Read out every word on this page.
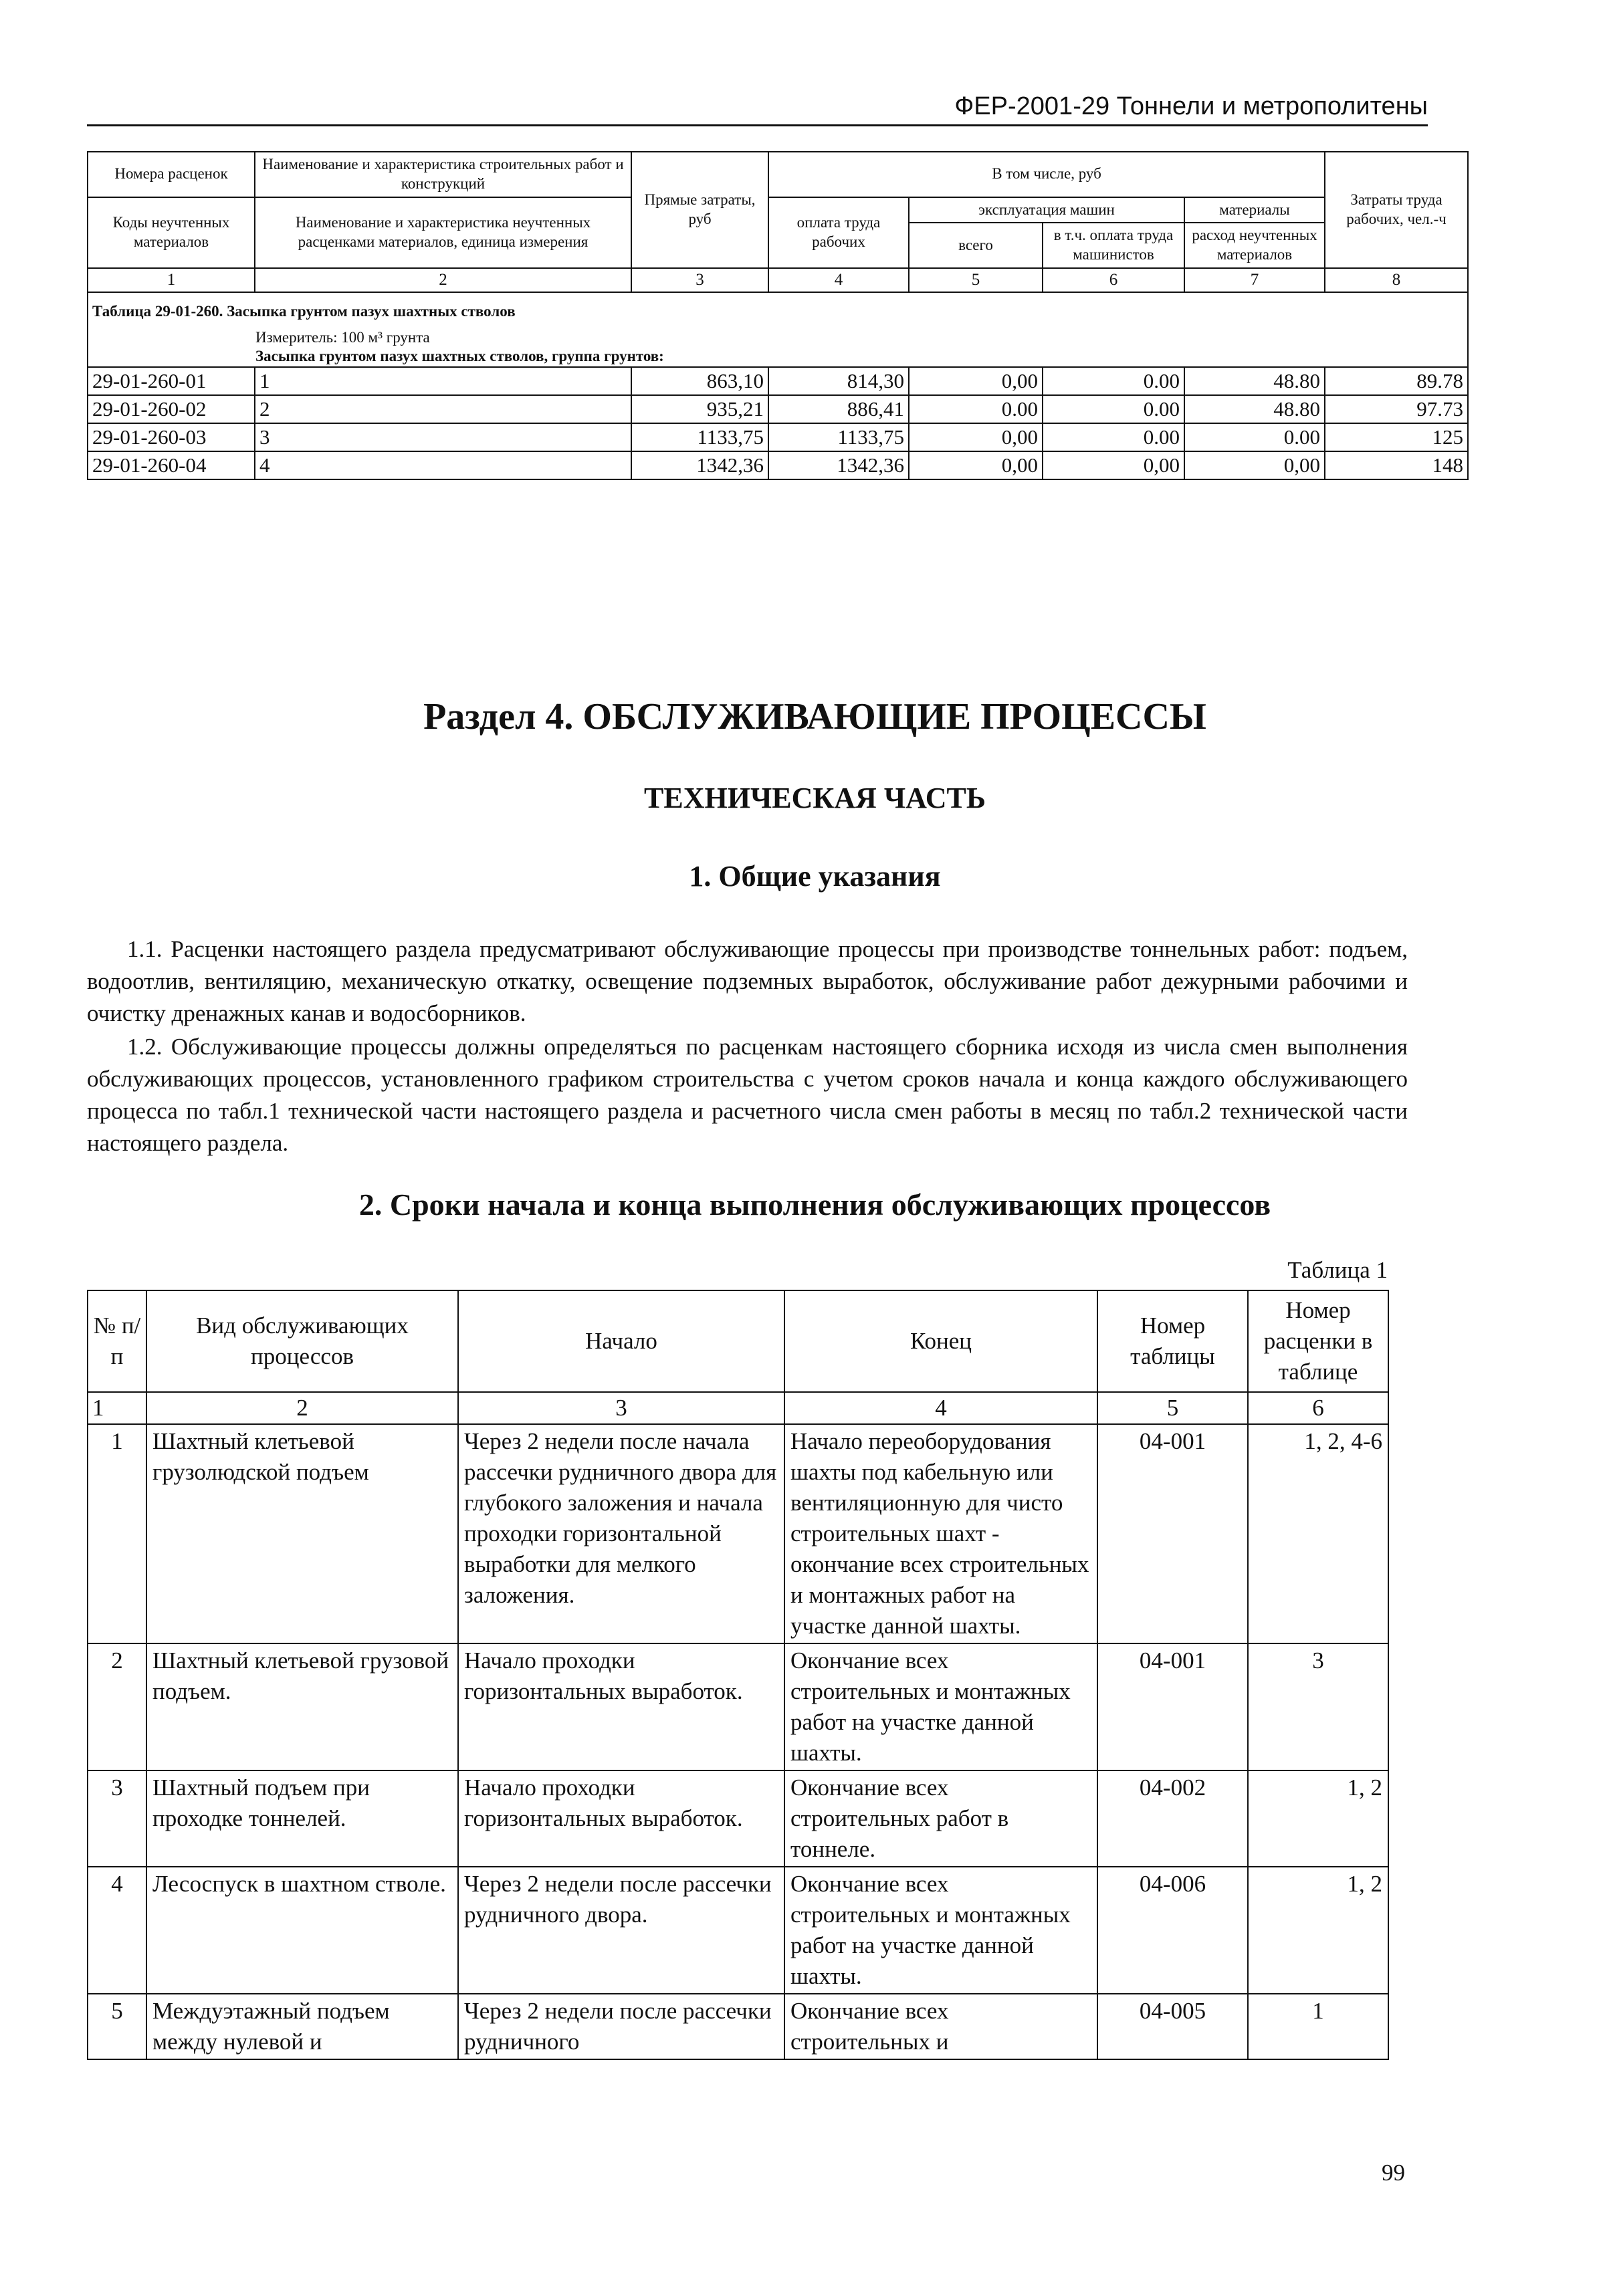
ФЕР-2001-29 Тоннели и метрополитены
Номера расценок	Наименование и характеристика строительных работ и конструкций	Прямые затраты, руб	В том числе, руб				Затраты труда рабочих, чел.-ч
Коды неучтенных материалов	Наименование и характеристика неучтенных расценками материалов, единица измерения		оплата труда рабочих	эксплуатация машин		материалы	
				всего	в т.ч. оплата труда машинистов	расход неучтенных материалов	
1	2	3	4	5	6	7	8
Таблица 29-01-260. Засыпка грунтом пазух шахтных стволов							
Измеритель: 100 м³ грунта							
Засыпка грунтом пазух шахтных стволов, группа грунтов:							
29-01-260-01	1	863,10	814,30	0,00	0.00	48.80	89.78
29-01-260-02	2	935,21	886,41	0.00	0.00	48.80	97.73
29-01-260-03	3	1133,75	1133,75	0,00	0.00	0.00	125
29-01-260-04	4	1342,36	1342,36	0,00	0,00	0,00	148
Раздел 4. ОБСЛУЖИВАЮЩИЕ ПРОЦЕССЫ
ТЕХНИЧЕСКАЯ ЧАСТЬ
1. Общие указания

1.1. Расценки настоящего раздела предусматривают обслуживающие процессы при производстве тоннельных работ: подъем, водоотлив, вентиляцию, механическую откатку, освещение подземных выработок, обслуживание работ дежурными рабочими и очистку дренажных канав и водосборников.

1.2. Обслуживающие процессы должны определяться по расценкам настоящего сборника исходя из числа смен выполнения обслуживающих процессов, установленного графиком строительства с учетом сроков начала и конца каждого обслуживающего процесса по табл.1 технической части настоящего раздела и расчетного числа смен работы в месяц по табл.2 технической части настоящего раздела.

2. Сроки начала и конца выполнения обслуживающих процессов
Таблица 1
№ п/п	Вид обслуживающих процессов	Начало	Конец	Номер таблицы	Номер расценки в таблице
1	2	3	4	5	6
1	Шахтный клетьевой грузолюдской подъем	Через 2 недели после начала рассечки рудничного двора для глубокого заложения и начала проходки горизонтальной выработки для мелкого заложения.	Начало переоборудования шахты под кабельную или вентиляционную для чисто строительных шахт - окончание всех строительных и монтажных работ на участке данной шахты.	04-001	1, 2, 4-6
2	Шахтный клетьевой грузовой подъем.	Начало проходки горизонтальных выработок.	Окончание всех строительных и монтажных работ на участке данной шахты.	04-001	3
3	Шахтный подъем при проходке тоннелей.	Начало проходки горизонтальных выработок.	Окончание всех строительных работ в тоннеле.	04-002	1, 2
4	Лесоспуск в шахтном стволе.	Через 2 недели после рассечки рудничного двора.	Окончание всех строительных и монтажных работ на участке данной шахты.	04-006	1, 2
5	Междуэтажный подъем между нулевой и	Через 2 недели после рассечки рудничного	Окончание всех строительных и	04-005	1
99
